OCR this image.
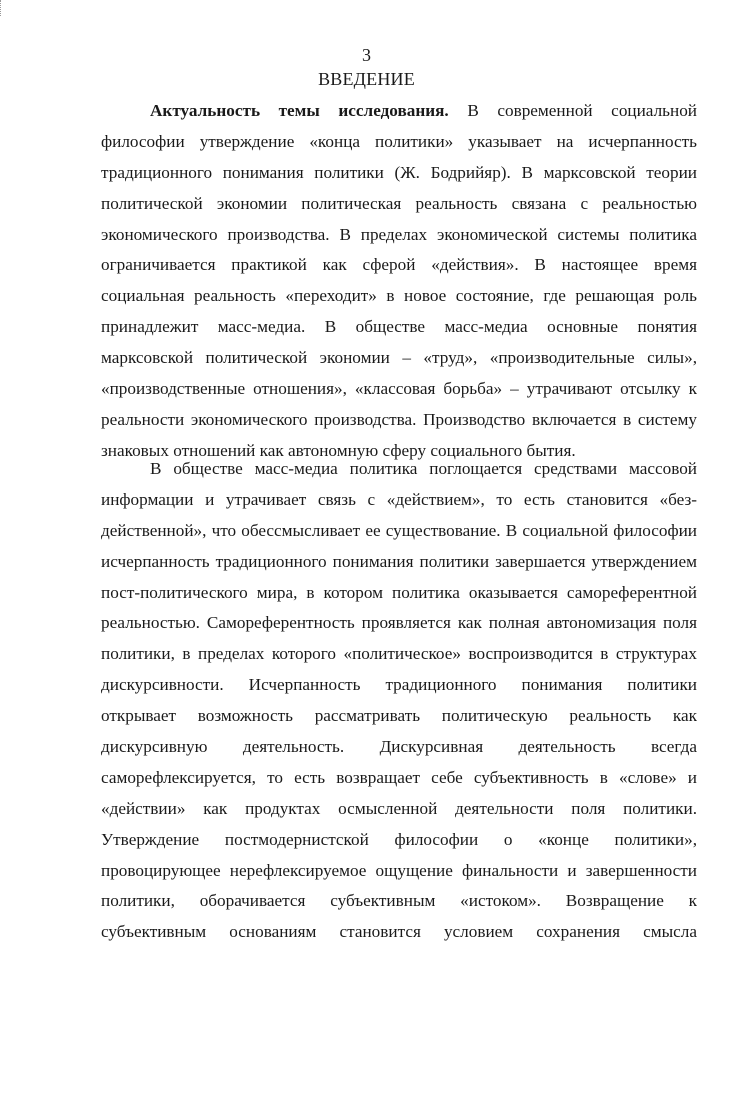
3
ВВЕДЕНИЕ
Актуальность темы исследования. В современной социальной
философии утверждение «конца политики» указывает на исчерпанность
традиционного понимания политики (Ж. Бодрийяр). В марксовской теории
политической экономии политическая реальность связана с реальностью
экономического производства. В пределах экономической системы политика
ограничивается практикой как сферой «действия». В настоящее время
социальная реальность «переходит» в новое состояние, где решающая роль
принадлежит масс-медиа. В обществе масс-медиа основные понятия
марксовской политической экономии – «труд», «производительные силы»,
«производственные отношения», «классовая борьба» – утрачивают отсылку к
реальности экономического производства. Производство включается в систему
знаковых отношений как автономную сферу социального бытия.
В обществе масс-медиа политика поглощается средствами массовой
информации и утрачивает связь с «действием», то есть становится «без-
действенной», что обессмысливает ее существование. В социальной философии
исчерпанность традиционного понимания политики завершается утверждением
пост-политического мира, в котором политика оказывается самореферентной
реальностью. Самореферентность проявляется как полная автономизация поля
политики, в пределах которого «политическое» воспроизводится в структурах
дискурсивности. Исчерпанность традиционного понимания политики
открывает возможность рассматривать политическую реальность как
дискурсивную деятельность. Дискурсивная деятельность всегда
саморефлексируется, то есть возвращает себе субъективность в «слове» и
«действии» как продуктах осмысленной деятельности поля политики.
Утверждение постмодернистской философии о «конце политики»,
провоцирующее нерефлексируемое ощущение финальности и завершенности
политики, оборачивается субъективным «истоком». Возвращение к
субъективным основаниям становится условием сохранения смысла
